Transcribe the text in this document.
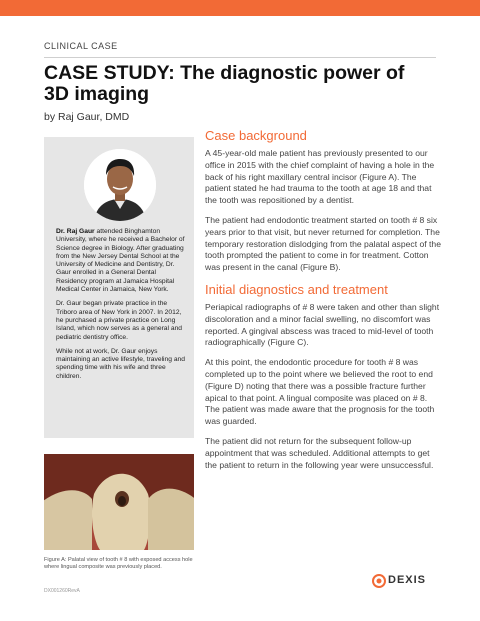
CLINICAL CASE
CASE STUDY: The diagnostic power of 3D imaging
by Raj Gaur, DMD

Dr. Raj Gaur attended Binghamton University, where he received a Bachelor of Science degree in Biology. After graduating from the New Jersey Dental School at the University of Medicine and Dentistry, Dr. Gaur enrolled in a General Dental Residency program at Jamaica Hospital Medical Center in Jamaica, New York.

Dr. Gaur began private practice in the Triboro area of New York in 2007. In 2012, he purchased a private practice on Long Island, which now serves as a general and pediatric dentistry office.

While not at work, Dr. Gaur enjoys maintaining an active lifestyle, traveling and spending time with his wife and three children.

Figure A: Palatal view of tooth # 8 with exposed access hole where lingual composite was previously placed.
DX001260RevA
Case background

A 45-year-old male patient has previously presented to our office in 2015 with the chief complaint of having a hole in the back of his right maxillary central incisor (Figure A). The patient stated he had trauma to the tooth at age 18 and that the tooth was repositioned by a dentist.

The patient had endodontic treatment started on tooth # 8 six years prior to that visit, but never returned for completion. The temporary restoration dislodging from the palatal aspect of the tooth prompted the patient to come in for treatment. Cotton was present in the canal (Figure B).

Initial diagnostics and treatment

Periapical radiographs of # 8 were taken and other than slight discoloration and a minor facial swelling, no discomfort was reported. A gingival abscess was traced to mid-level of tooth radiographically (Figure C).

At this point, the endodontic procedure for tooth # 8 was completed up to the point where we believed the root to end (Figure D) noting that there was a possible fracture further apical to that point. A lingual composite was placed on # 8. The patient was made aware that the prognosis for the tooth was guarded.

The patient did not return for the subsequent follow-up appointment that was scheduled. Additional attempts to get the patient to return in the following year were unsuccessful.

DEXIS
